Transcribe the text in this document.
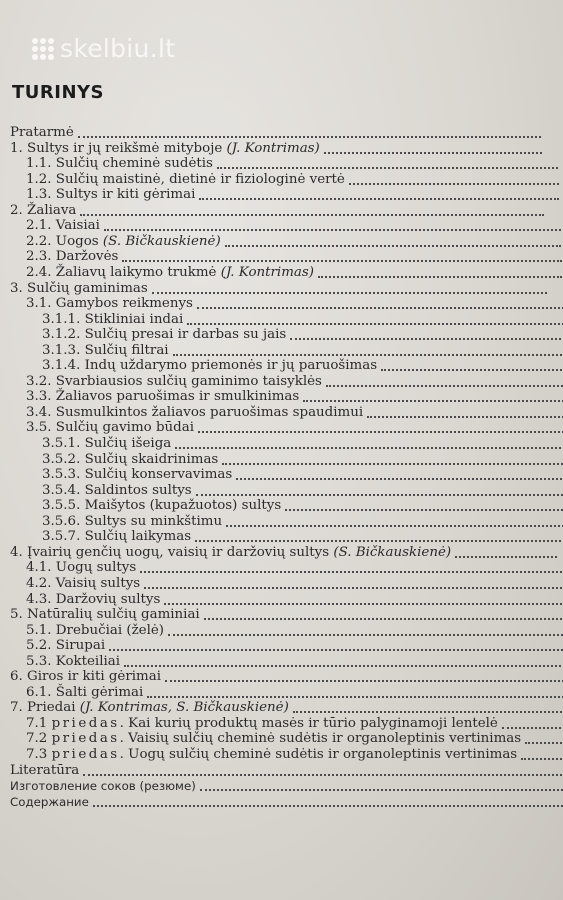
skelbiu.lt
TURINYS
Pratarmė
1. Sultys ir jų reikšmė mityboje (J. Kontrimas)
1.1. Sulčių cheminė sudėtis
1.2. Sulčių maistinė, dietinė ir fiziologinė vertė
1.3. Sultys ir kiti gėrimai
2. Žaliava
2.1. Vaisiai
2.2. Uogos (S. Bičkauskienė)
2.3. Daržovės
2.4. Žaliavų laikymo trukmė (J. Kontrimas)
3. Sulčių gaminimas
3.1. Gamybos reikmenys
3.1.1. Stikliniai indai
3.1.2. Sulčių presai ir darbas su jais
3.1.3. Sulčių filtrai
3.1.4. Indų uždarymo priemonės ir jų paruošimas
3.2. Svarbiausios sulčių gaminimo taisyklės
3.3. Žaliavos paruošimas ir smulkinimas
3.4. Susmulkintos žaliavos paruošimas spaudimui
3.5. Sulčių gavimo būdai
3.5.1. Sulčių išeiga
3.5.2. Sulčių skaidrinimas
3.5.3. Sulčių konservavimas
3.5.4. Saldintos sultys
3.5.5. Maišytos (kupažuotos) sultys
3.5.6. Sultys su minkštimu
3.5.7. Sulčių laikymas
4. Įvairių genčių uogų, vaisių ir daržovių sultys (S. Bičkauskienė)
4.1. Uogų sultys
4.2. Vaisių sultys
4.3. Daržovių sultys
5. Natūralių sulčių gaminiai
5.1. Drebučiai (želė)
5.2. Sirupai
5.3. Kokteiliai
6. Giros ir kiti gėrimai
6.1. Šalti gėrimai
7. Priedai (J. Kontrimas, S. Bičkauskienė)
7.1 priedas. Kai kurių produktų masės ir tūrio palyginamoji lentelė
7.2 priedas. Vaisių sulčių cheminė sudėtis ir organoleptinis vertinimas
7.3 priedas. Uogų sulčių cheminė sudėtis ir organoleptinis vertinimas
Literatūra
Изготовление соков (резюме)
Содержание
